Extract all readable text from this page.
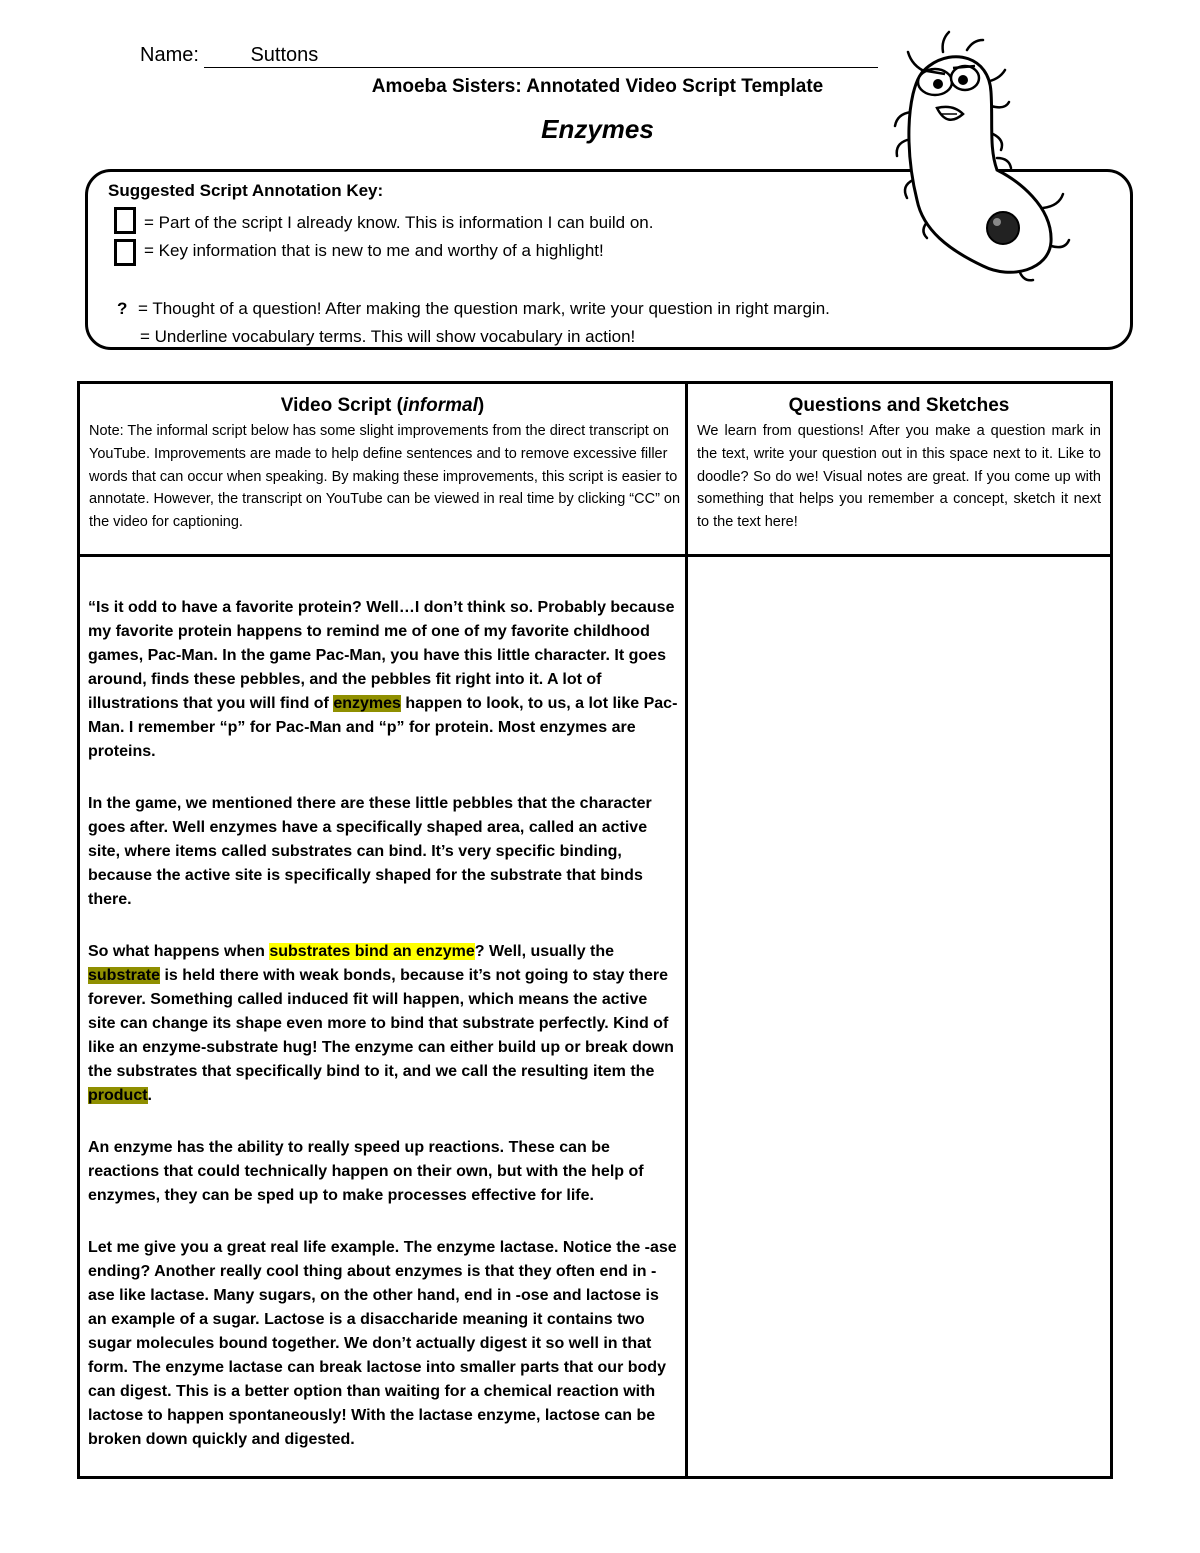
Name:	Suttons
Amoeba Sisters: Annotated Video Script Template
Enzymes
Suggested Script Annotation Key:
= Part of the script I already know. This is information I can build on.
= Key information that is new to me and worthy of a highlight!
? = Thought of a question! After making the question mark, write your question in right margin.
= Underline vocabulary terms. This will show vocabulary in action!
Video Script (informal)
Note: The informal script below has some slight improvements from the direct transcript on YouTube. Improvements are made to help define sentences and to remove excessive filler words that can occur when speaking. By making these improvements, this script is easier to annotate. However, the transcript on YouTube can be viewed in real time by clicking “CC” on the video for captioning.
Questions and Sketches
We learn from questions! After you make a question mark in the text, write your question out in this space next to it. Like to doodle? So do we! Visual notes are great. If you come up with something that helps you remember a concept, sketch it next to the text here!

“Is it odd to have a favorite protein? Well…I don’t think so. Probably because my favorite protein happens to remind me of one of my favorite childhood games, Pac-Man. In the game Pac-Man, you have this little character. It goes around, finds these pebbles, and the pebbles fit right into it. A lot of illustrations that you will find of enzymes happen to look, to us, a lot like Pac-Man. I remember “p” for Pac-Man and “p” for protein. Most enzymes are proteins.

In the game, we mentioned there are these little pebbles that the character goes after. Well enzymes have a specifically shaped area, called an active site, where items called substrates can bind. It’s very specific binding, because the active site is specifically shaped for the substrate that binds there.

So what happens when substrates bind an enzyme? Well, usually the substrate is held there with weak bonds, because it’s not going to stay there forever. Something called induced fit will happen, which means the active site can change its shape even more to bind that substrate perfectly. Kind of like an enzyme-substrate hug! The enzyme can either build up or break down the substrates that specifically bind to it, and we call the resulting item the product.

An enzyme has the ability to really speed up reactions. These can be reactions that could technically happen on their own, but with the help of enzymes, they can be sped up to make processes effective for life.

Let me give you a great real life example. The enzyme lactase. Notice the -ase ending? Another really cool thing about enzymes is that they often end in -ase like lactase. Many sugars, on the other hand, end in -ose and lactose is an example of a sugar. Lactose is a disaccharide meaning it contains two sugar molecules bound together. We don’t actually digest it so well in that form. The enzyme lactase can break lactose into smaller parts that our body can digest. This is a better option than waiting for a chemical reaction with lactose to happen spontaneously! With the lactase enzyme, lactose can be broken down quickly and digested.
